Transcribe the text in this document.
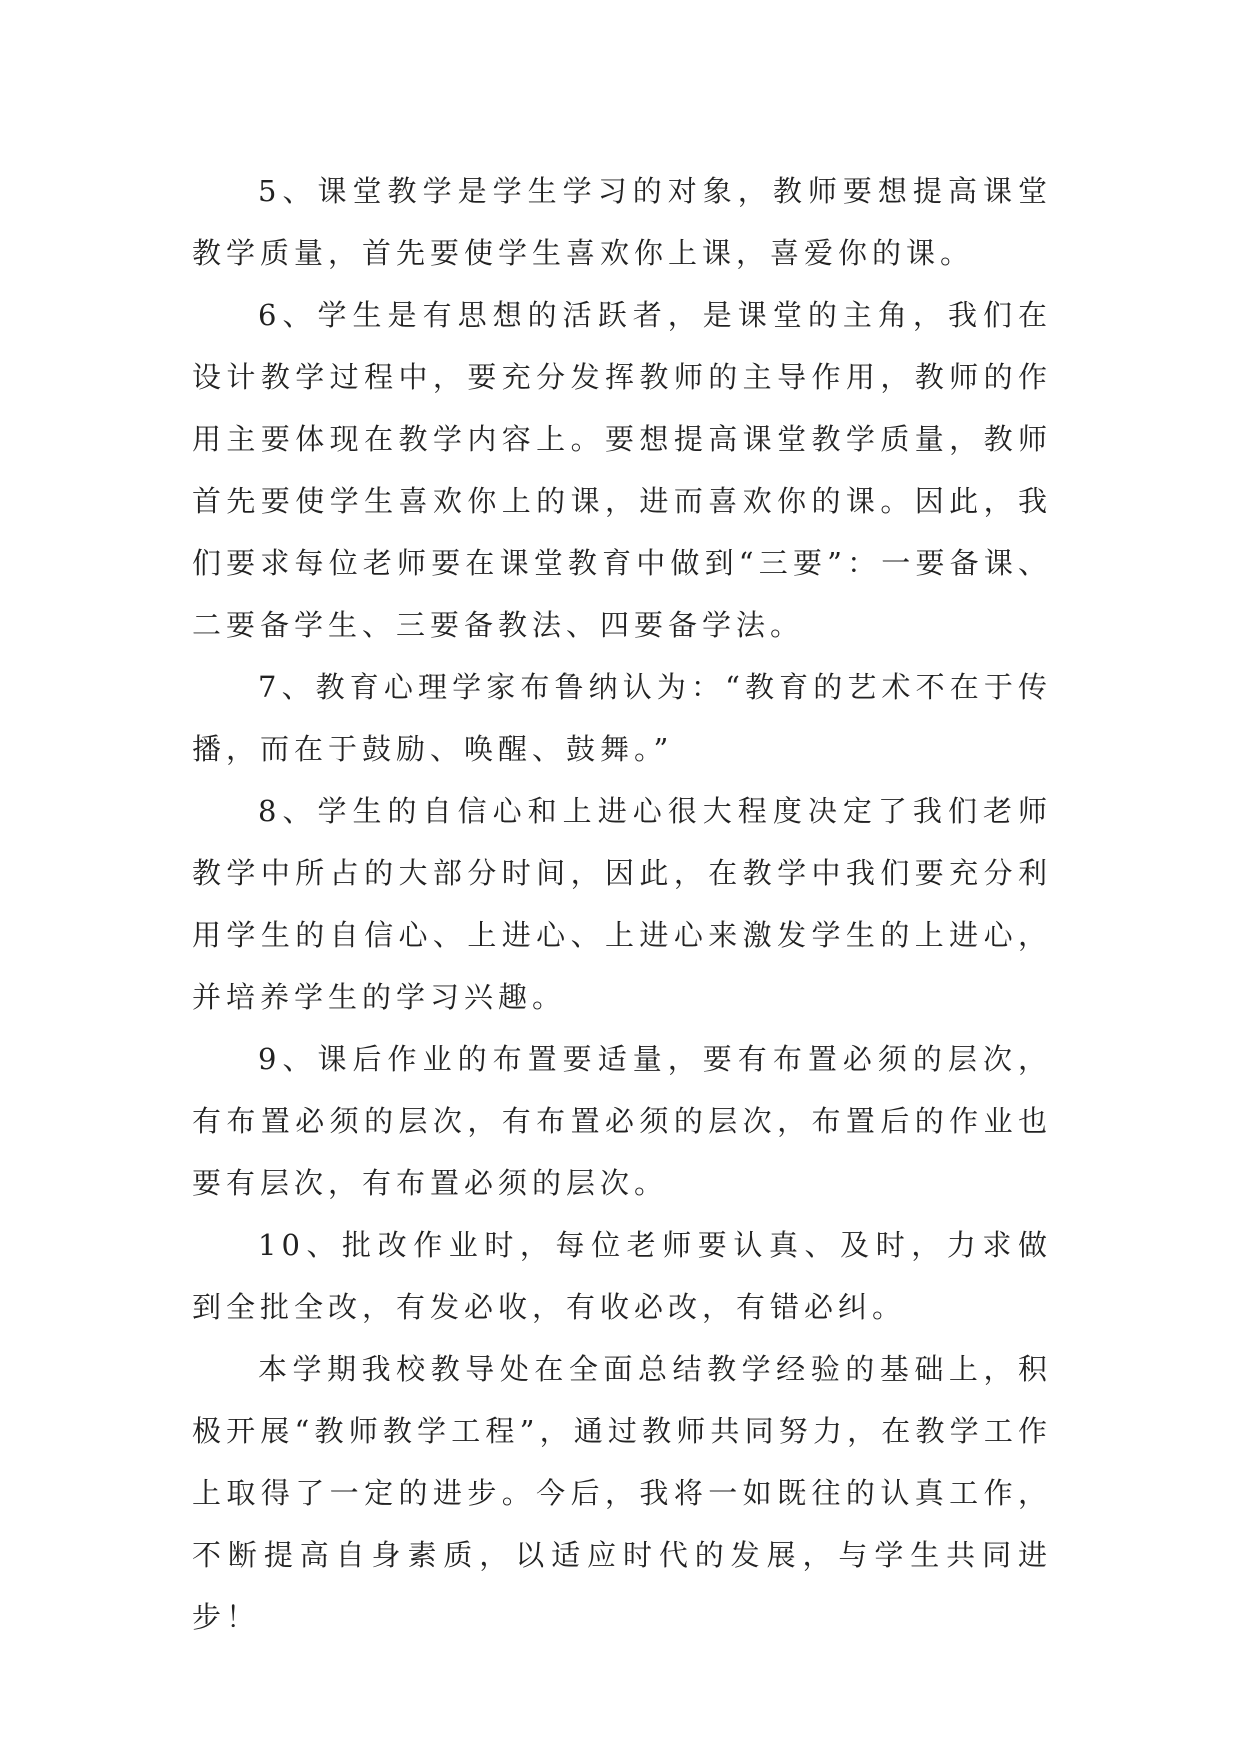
5、课堂教学是学生学习的对象，教师要想提高课堂教学质量，首先要使学生喜欢你上课，喜爱你的课。

6、学生是有思想的活跃者，是课堂的主角，我们在设计教学过程中，要充分发挥教师的主导作用，教师的作用主要体现在教学内容上。要想提高课堂教学质量，教师首先要使学生喜欢你上的课，进而喜欢你的课。因此，我们要求每位老师要在课堂教育中做到“三要”：一要备课、二要备学生、三要备教法、四要备学法。

7、教育心理学家布鲁纳认为：“教育的艺术不在于传播，而在于鼓励、唤醒、鼓舞。”

8、学生的自信心和上进心很大程度决定了我们老师教学中所占的大部分时间，因此，在教学中我们要充分利用学生的自信心、上进心、上进心来激发学生的上进心，并培养学生的学习兴趣。

9、课后作业的布置要适量，要有布置必须的层次，有布置必须的层次，有布置必须的层次，布置后的作业也要有层次，有布置必须的层次。

10、批改作业时，每位老师要认真、及时，力求做到全批全改，有发必收，有收必改，有错必纠。

本学期我校教导处在全面总结教学经验的基础上，积极开展“教师教学工程”，通过教师共同努力，在教学工作上取得了一定的进步。今后，我将一如既往的认真工作，不断提高自身素质，以适应时代的发展，与学生共同进步！
